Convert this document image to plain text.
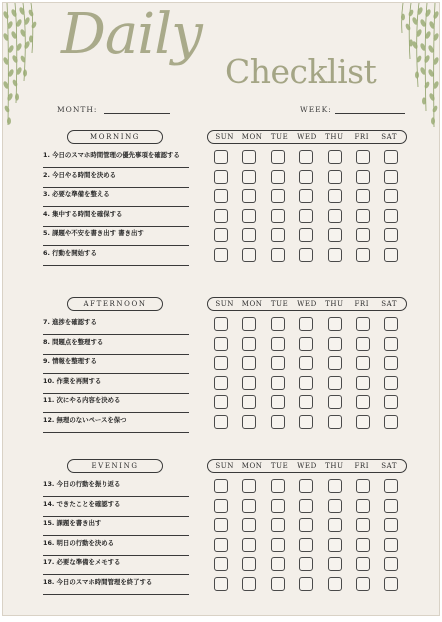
Daily
Checklist
MONTH:	WEEK:
MORNING	SUN	MON	TUE	WED	THU	FRI	SAT
1. 今日のスマホ時間管理の優先事項を確認する
2. 今日やる時間を決める
3. 必要な準備を整える
4. 集中する時間を確保する
5. 課題や不安を書き出す 書き出す
6. 行動を開始する
AFTERNOON	SUN	MON	TUE	WED	THU	FRI	SAT
7. 進捗を確認する
8. 問題点を整理する
9. 情報を整理する
10. 作業を再開する
11. 次にやる内容を決める
12. 無理のないペースを保つ
EVENING	SUN	MON	TUE	WED	THU	FRI	SAT
13. 今日の行動を振り返る
14. できたことを確認する
15. 課題を書き出す
16. 明日の行動を決める
17. 必要な準備をメモする
18. 今日のスマホ時間管理を終了する
